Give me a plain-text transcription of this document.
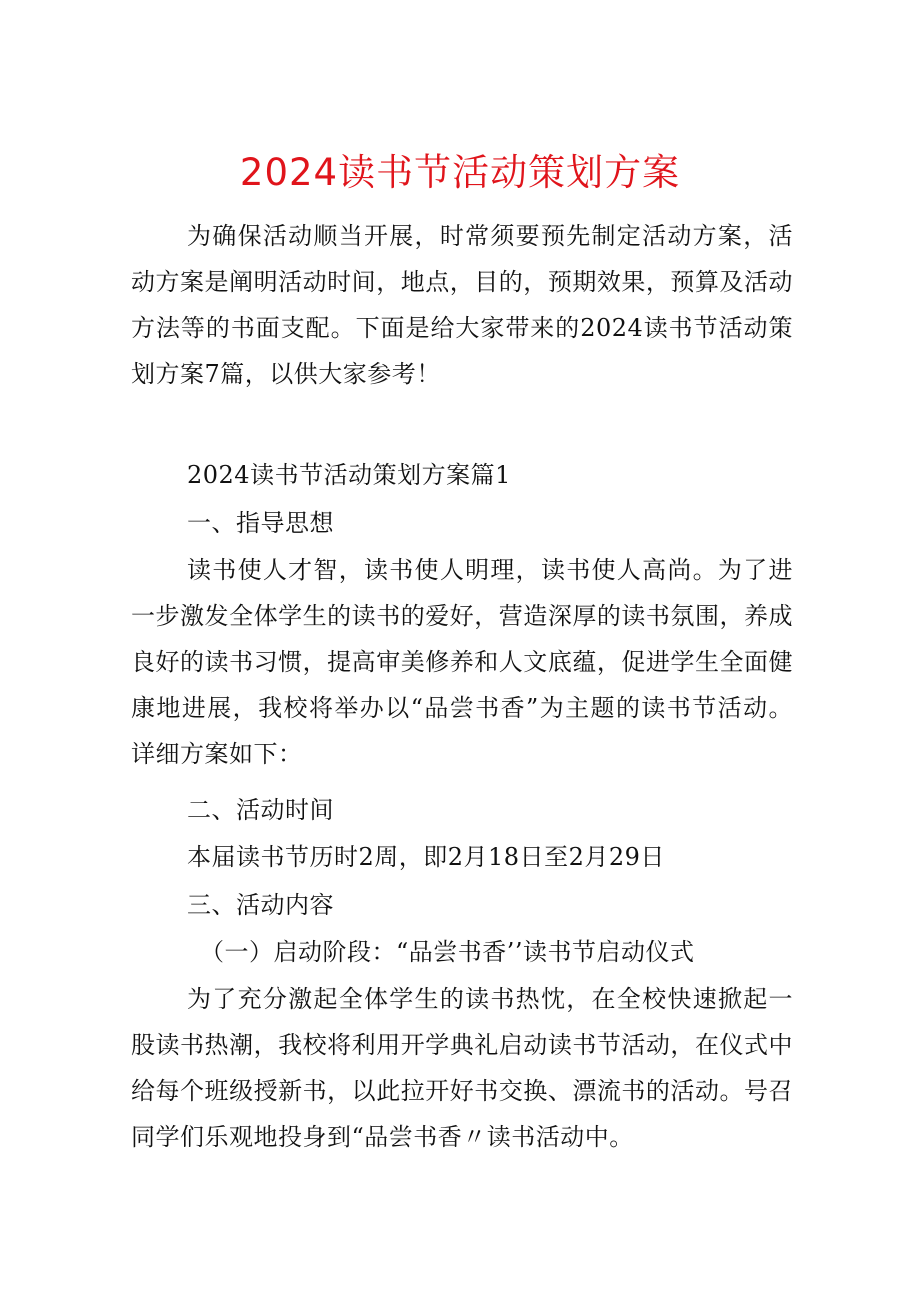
2024读书节活动策划方案
为确保活动顺当开展，时常须要预先制定活动方案，活动方案是阐明活动时间，地点，目的，预期效果，预算及活动方法等的书面支配。下面是给大家带来的2024读书节活动策划方案7篇，以供大家参考！
2024读书节活动策划方案篇1
一、指导思想
读书使人才智，读书使人明理，读书使人高尚。为了进一步激发全体学生的读书的爱好，营造深厚的读书氛围，养成良好的读书习惯，提高审美修养和人文底蕴，促进学生全面健康地进展，我校将举办以“品尝书香”为主题的读书节活动。详细方案如下：
二、活动时间
本届读书节历时2周，即2月18日至2月29日
三、活动内容
（一）启动阶段：“品尝书香’’读书节启动仪式
为了充分激起全体学生的读书热忱，在全校快速掀起一股读书热潮，我校将利用开学典礼启动读书节活动，在仪式中给每个班级授新书，以此拉开好书交换、漂流书的活动。号召同学们乐观地投身到“品尝书香〃读书活动中。
